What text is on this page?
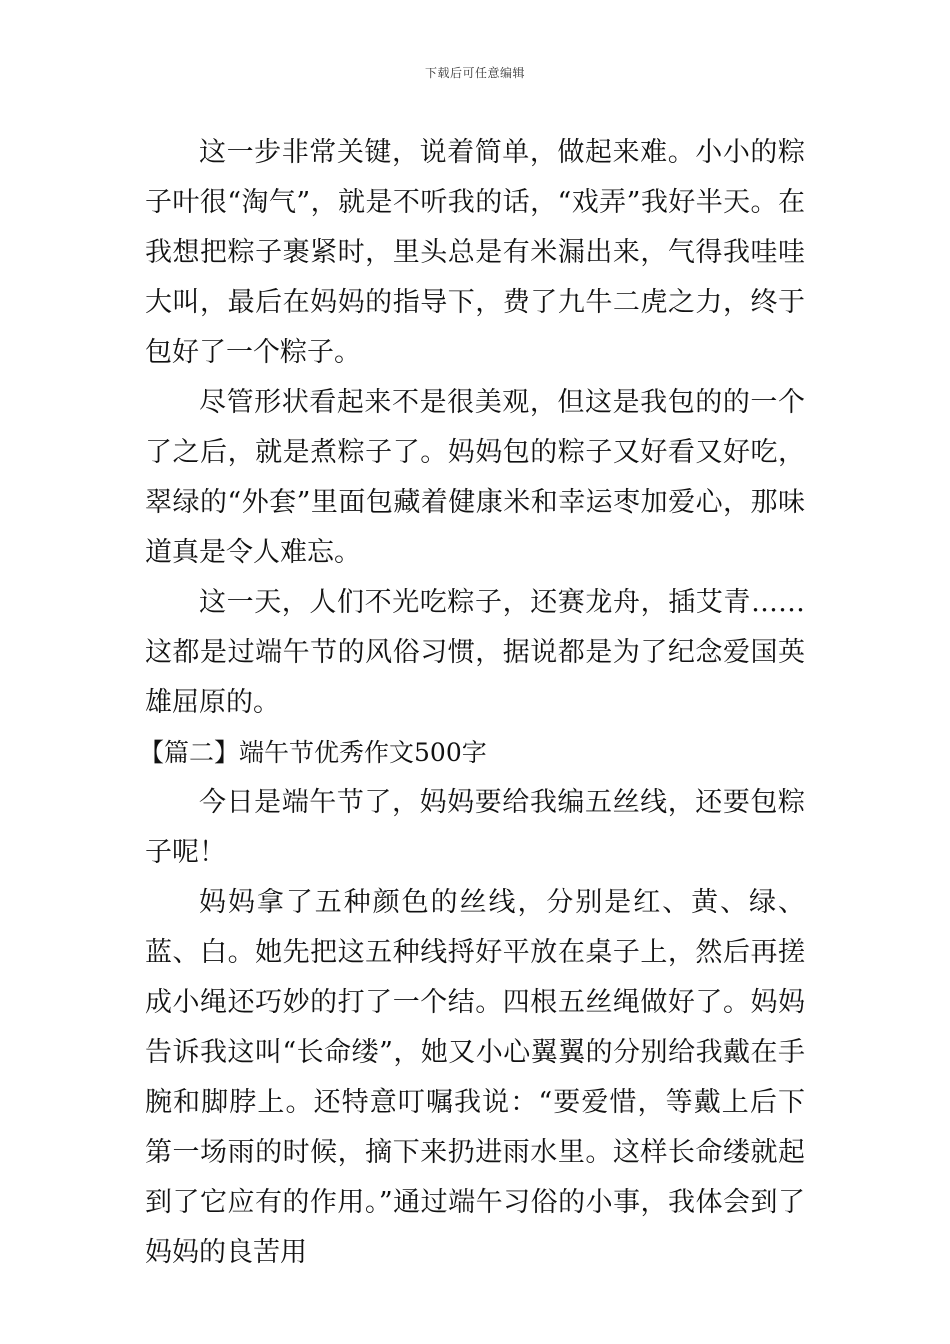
下载后可任意编辑

这一步非常关键，说着简单，做起来难。小小的粽子叶很“淘气”，就是不听我的话，“戏弄”我好半天。在我想把粽子裹紧时，里头总是有米漏出来，气得我哇哇大叫，最后在妈妈的指导下，费了九牛二虎之力，终于包好了一个粽子。

尽管形状看起来不是很美观，但这是我包的的一个了之后，就是煮粽子了。妈妈包的粽子又好看又好吃，翠绿的“外套”里面包藏着健康米和幸运枣加爱心，那味道真是令人难忘。

这一天，人们不光吃粽子，还赛龙舟，插艾青……这都是过端午节的风俗习惯，据说都是为了纪念爱国英雄屈原的。

【篇二】端午节优秀作文500字

今日是端午节了，妈妈要给我编五丝线，还要包粽子呢！

妈妈拿了五种颜色的丝线，分别是红、黄、绿、蓝、白。她先把这五种线捋好平放在桌子上，然后再搓成小绳还巧妙的打了一个结。四根五丝绳做好了。妈妈告诉我这叫“长命缕”，她又小心翼翼的分别给我戴在手腕和脚脖上。还特意叮嘱我说：“要爱惜，等戴上后下第一场雨的时候，摘下来扔进雨水里。这样长命缕就起到了它应有的作用。”通过端午习俗的小事，我体会到了妈妈的良苦用
